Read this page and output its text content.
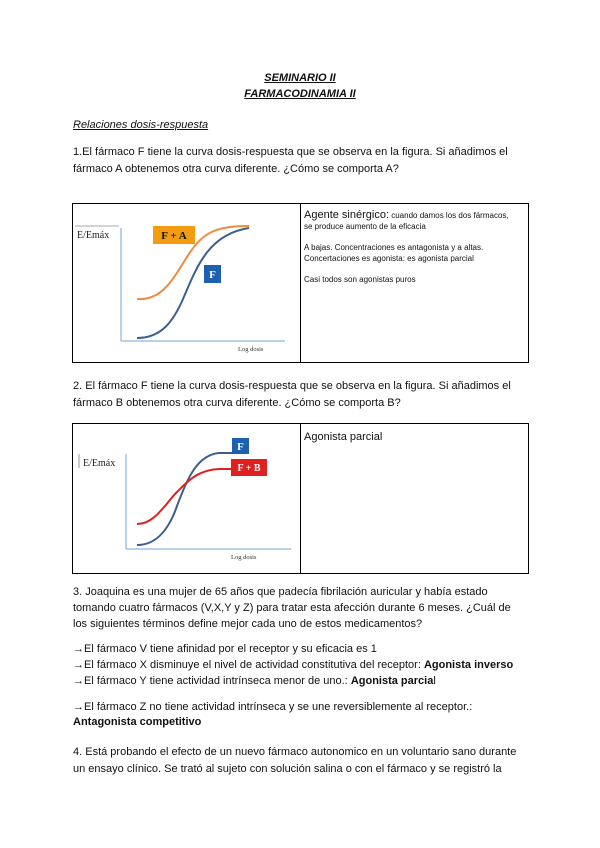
SEMINARIO II
FARMACODINAMIA II
Relaciones dosis-respuesta
1.El fármaco F tiene la curva dosis-respuesta que se observa en la figura. Si añadimos el
fármaco A obtenemos otra curva diferente. ¿Cómo se comporta A?
E/Emáx	F + A
F
Log dosis
Agente sinérgico: cuando damos los dos fármacos,
se produce aumento de la eficacia
A bajas. Concentraciones es antagonista y a altas.
Concertaciones es agonista: es agonista parcial
Casi todos son agonistas puros
2. El fármaco F tiene la curva dosis-respuesta que se observa en la figura. Si añadimos el
fármaco B obtenemos otra curva diferente. ¿Cómo se comporta B?
E/Emáx
F
F + B
Log dosis
Agonista parcial
3. Joaquina es una mujer de 65 años que padecía fibrilación auricular y había estado
tomando cuatro fármacos (V,X,Y y Z) para tratar esta afección durante 6 meses. ¿Cuál de
los siguientes términos define mejor cada uno de estos medicamentos?
→El fármaco V tiene afinidad por el receptor y su eficacia es 1
→El fármaco X disminuye el nivel de actividad constitutiva del receptor: Agonista inverso
→El fármaco Y tiene actividad intrínseca menor de uno.: Agonista parcial
→El fármaco Z no tiene actividad intrínseca y se une reversiblemente al receptor.:
Antagonista competitivo
4. Está probando el efecto de un nuevo fármaco autonomico en un voluntario sano durante
un ensayo clínico. Se trató al sujeto con solución salina o con el fármaco y se registró la
